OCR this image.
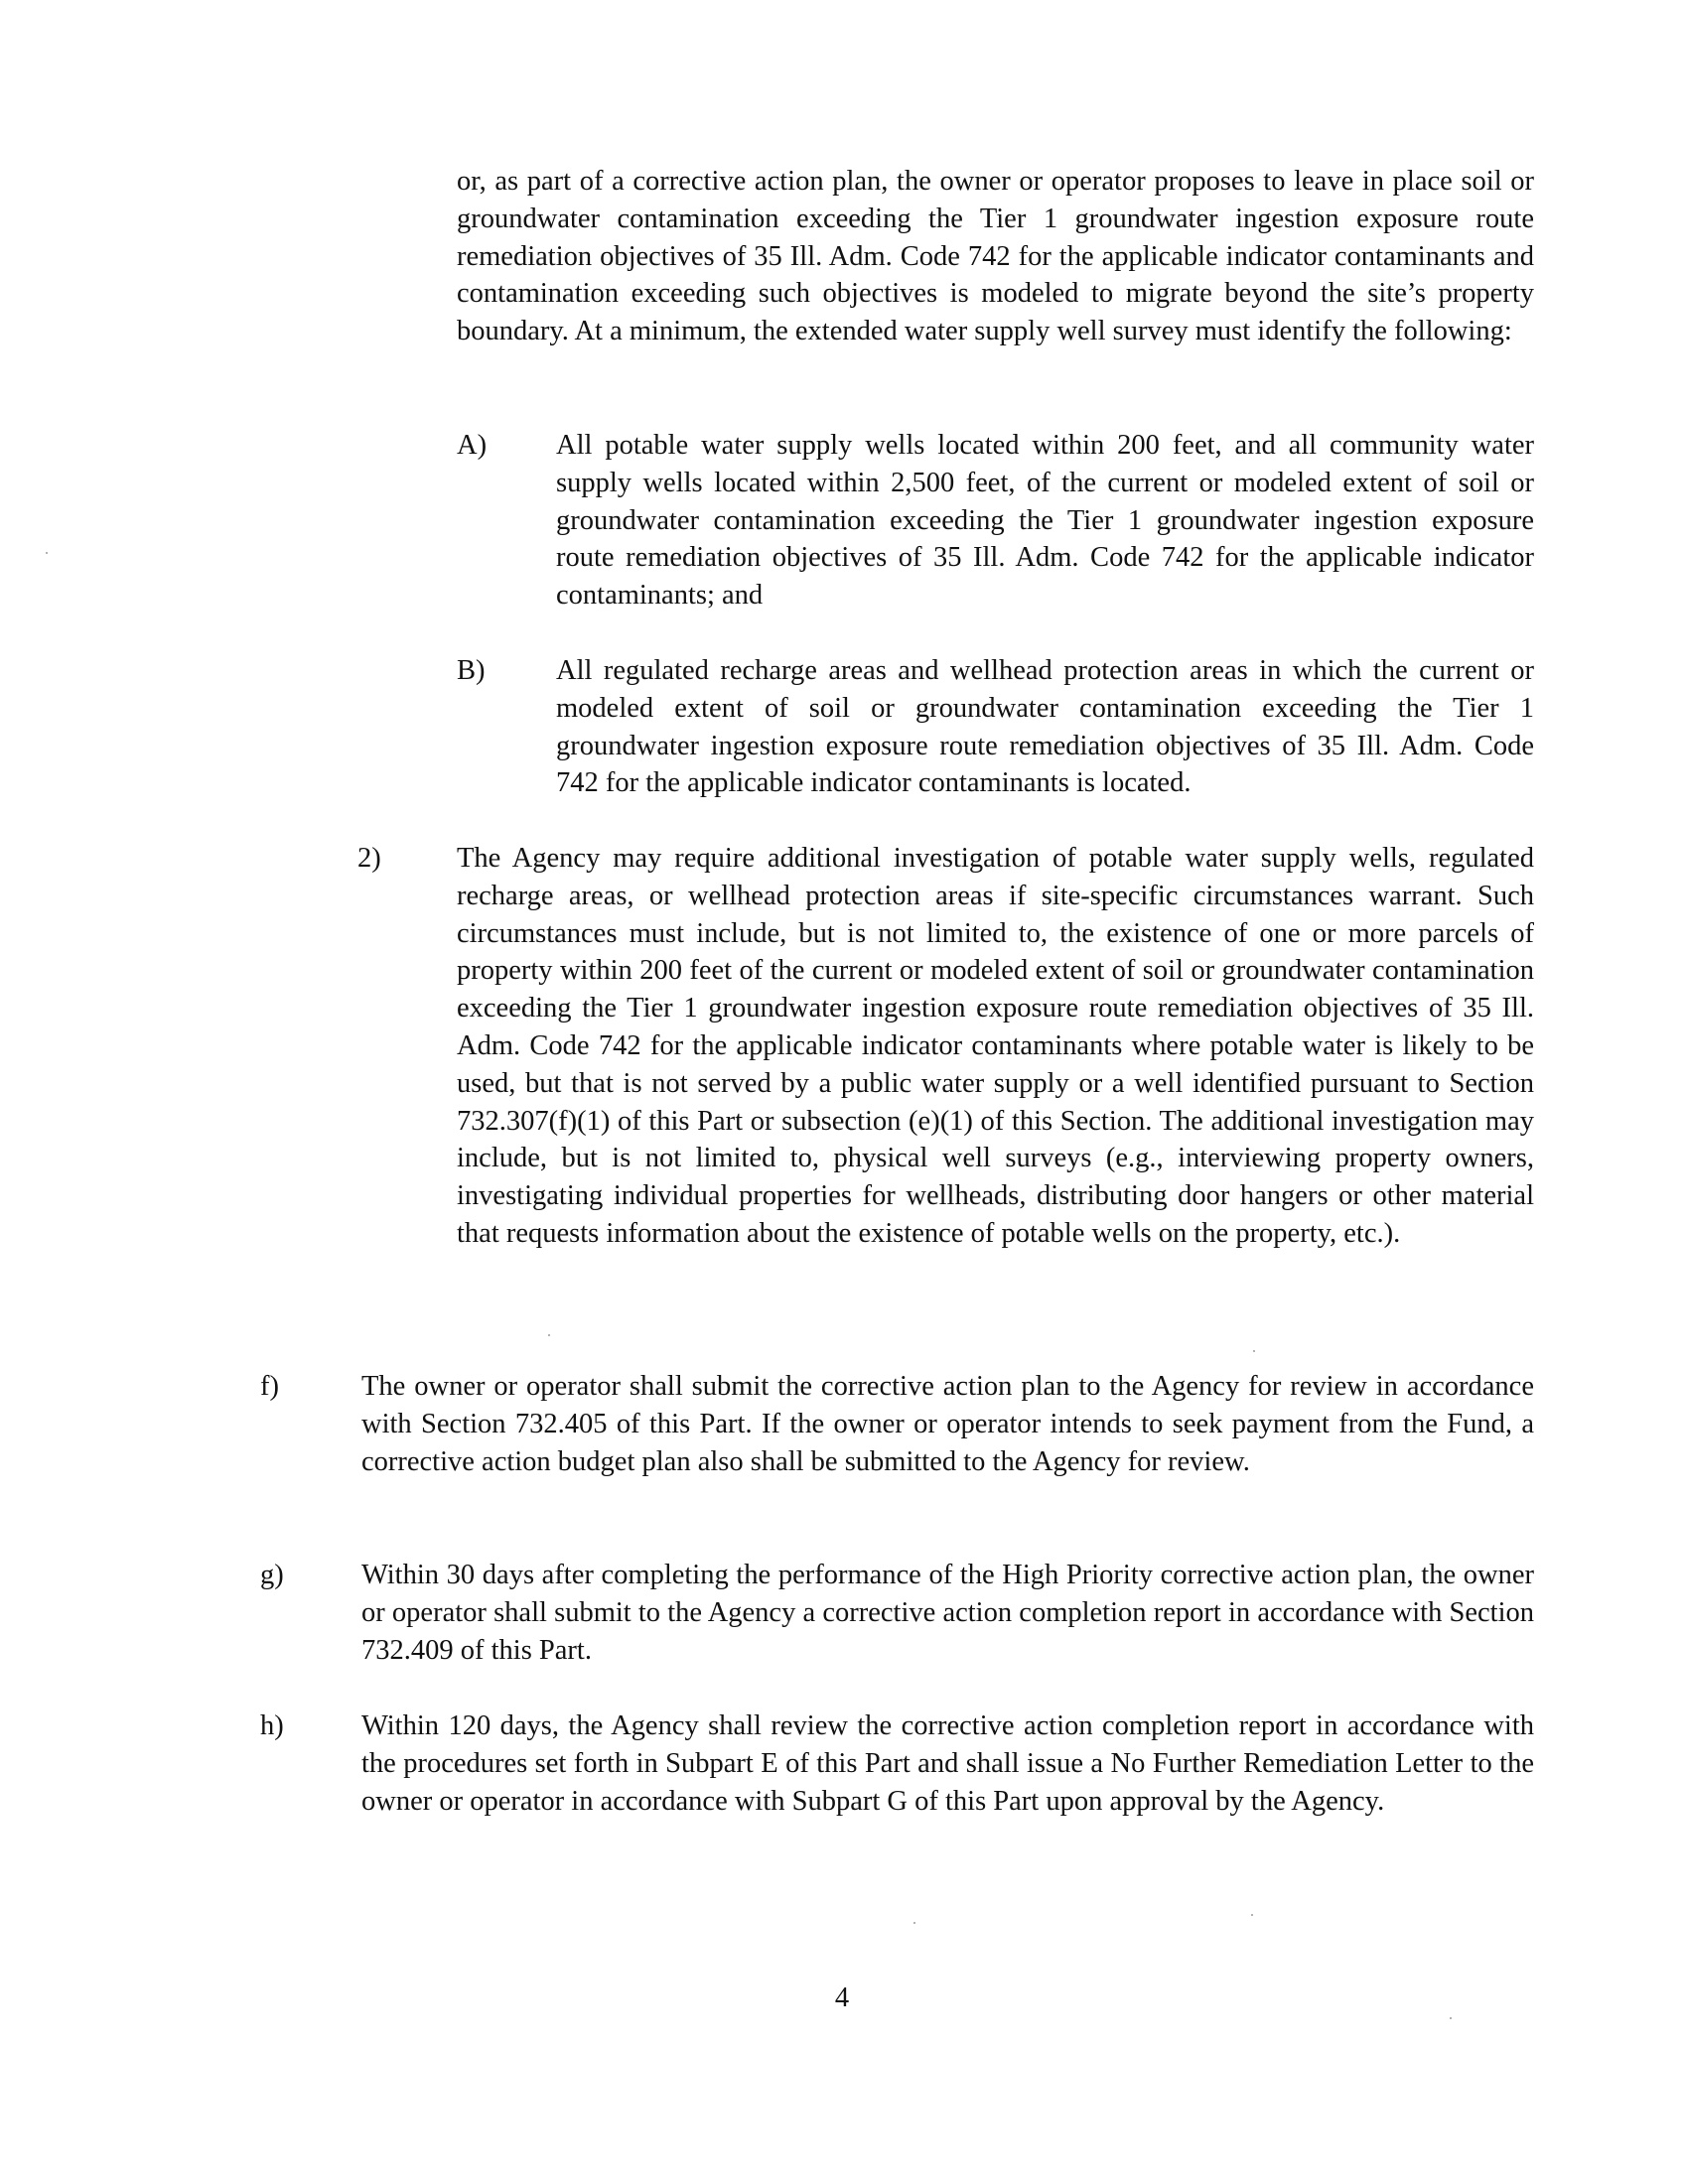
or, as part of a corrective action plan, the owner or operator proposes to leave in place soil or groundwater contamination exceeding the Tier 1 groundwater ingestion exposure route remediation objectives of 35 Ill. Adm. Code 742 for the applicable indicator contaminants and contamination exceeding such objectives is modeled to migrate beyond the site’s property boundary. At a minimum, the extended water supply well survey must identify the following:
A) All potable water supply wells located within 200 feet, and all community water supply wells located within 2,500 feet, of the current or modeled extent of soil or groundwater contamination exceeding the Tier 1 groundwater ingestion exposure route remediation objectives of 35 Ill. Adm. Code 742 for the applicable indicator contaminants; and
B)	All regulated recharge areas and wellhead protection areas in which the current or modeled extent of soil or groundwater contamination exceeding the Tier 1 groundwater ingestion exposure route remediation objectives of 35 Ill. Adm. Code 742 for the applicable indicator contaminants is located.
2)	The Agency may require additional investigation of potable water supply wells, regulated recharge areas, or wellhead protection areas if site-specific circumstances warrant. Such circumstances must include, but is not limited to, the existence of one or more parcels of property within 200 feet of the current or modeled extent of soil or groundwater contamination exceeding the Tier 1 groundwater ingestion exposure route remediation objectives of 35 Ill. Adm. Code 742 for the applicable indicator contaminants where potable water is likely to be used, but that is not served by a public water supply or a well identified pursuant to Section 732.307(f)(1) of this Part or subsection (e)(1) of this Section. The additional investigation may include, but is not limited to, physical well surveys (e.g., interviewing property owners, investigating individual properties for wellheads, distributing door hangers or other material that requests information about the existence of potable wells on the property, etc.).
f)	The owner or operator shall submit the corrective action plan to the Agency for review in accordance with Section 732.405 of this Part. If the owner or operator intends to seek payment from the Fund, a corrective action budget plan also shall be submitted to the Agency for review.
g)	Within 30 days after completing the performance of the High Priority corrective action plan, the owner or operator shall submit to the Agency a corrective action completion report in accordance with Section 732.409 of this Part.
h)	Within 120 days, the Agency shall review the corrective action completion report in accordance with the procedures set forth in Subpart E of this Part and shall issue a No Further Remediation Letter to the owner or operator in accordance with Subpart G of this Part upon approval by the Agency.
4
